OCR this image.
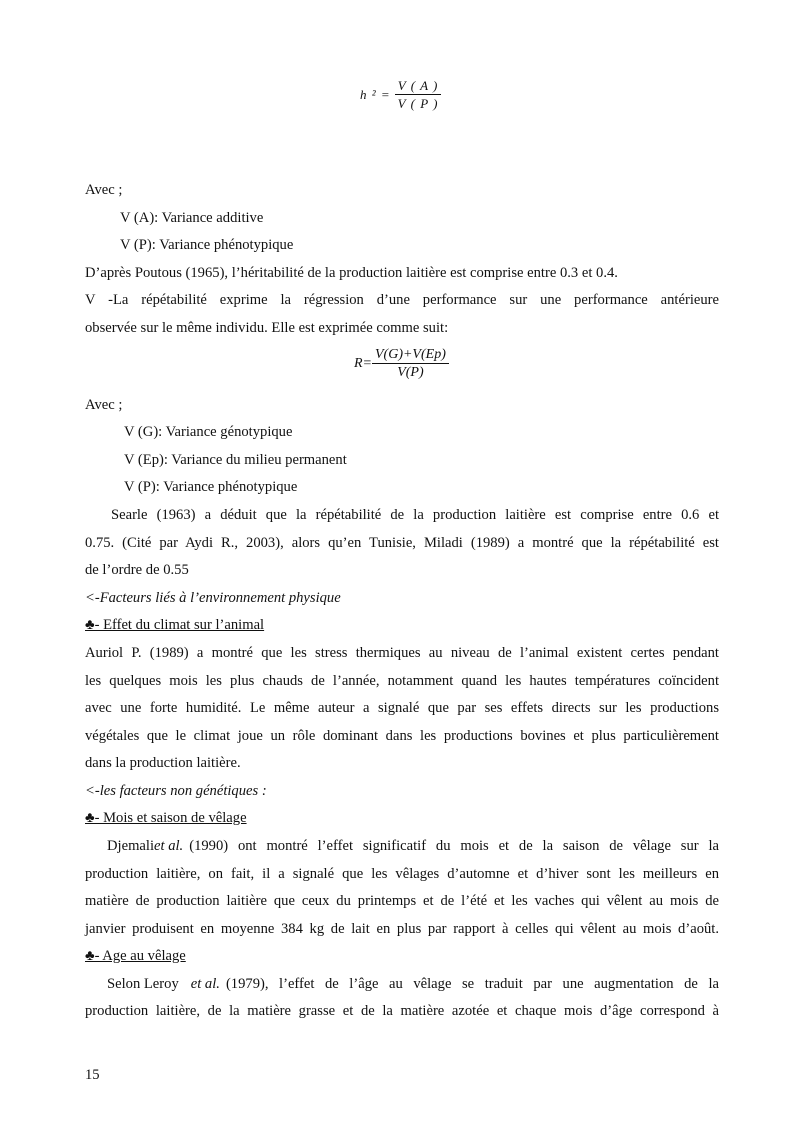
h $^2 = \frac{V ( A )}{V ( P )}$
Avec ;
V (A): Variance additive
V (P): Variance phénotypique
D’après Poutous (1965), l’héritabilité de la production laitière est comprise entre 0.3 et 0.4.
V -La répétabilité exprime la régression d’une performance sur une performance antérieure
observée sur le même individu. Elle est exprimée comme suit:
$R= \frac{V(G)+V(Ep)}{V(P)}$
Avec ;
V (G): Variance génotypique
V (Ep): Variance du milieu permanent
V (P): Variance phénotypique
Searle (1963) a déduit que la répétabilité de la production laitière est comprise entre 0.6 et
0.75. (Cité par Aydi R., 2003), alors qu’en Tunisie, Miladi (1989) a montré que la répétabilité est
de l’ordre de 0.55
<-Facteurs liés à l’environnement physique
♣- Effet du climat sur l’animal
Auriol P. (1989) a montré que les stress thermiques au niveau de l’animal existent certes pendant
les quelques mois les plus chauds de l’année, notamment quand les hautes températures coïncident
avec une forte humidité. Le même auteur a signalé que par ses effets directs sur les productions
végétales que le climat joue un rôle dominant dans les productions bovines et plus particulièrement
dans la production laitière.
<-les facteurs non génétiques :
♣- Mois et saison de vêlage
Djemali et al. (1990) ont montré l’effet significatif du mois et de la saison de vêlage sur la
production laitière, on fait, il a signalé que les vêlages d’automne et d’hiver sont les meilleurs en
matière de production laitière que ceux du printemps et de l’été et les vaches qui vêlent au mois de
janvier produisent en moyenne 384 kg de lait en plus par rapport à celles qui vêlent au mois d’août.
♣- Age au vêlage
Selon Leroy et al. (1979), l’effet de l’âge au vêlage se traduit par une augmentation de la
production laitière, de la matière grasse et de la matière azotée et chaque mois d’âge correspond à
15
